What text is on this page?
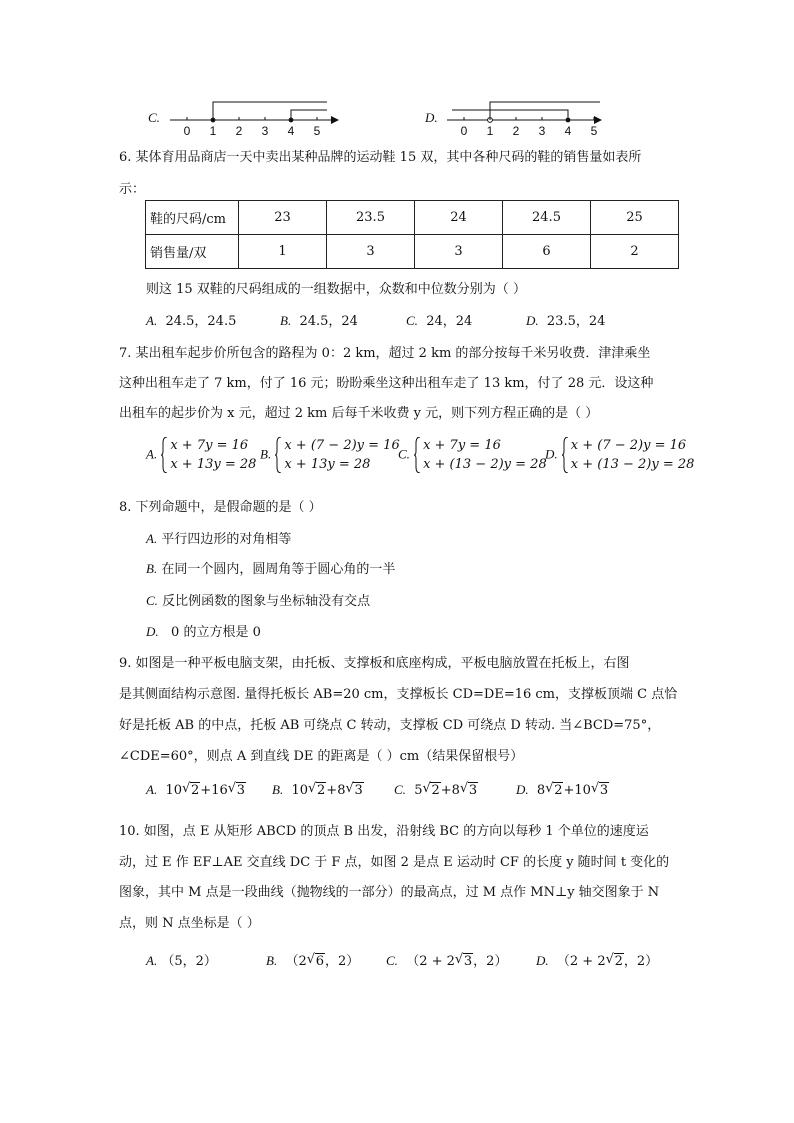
C.
0 1 2 3 4 5
D.
0 1 2 3 4 5
6. 某体育用品商店一天中卖出某种品牌的运动鞋 15 双，其中各种尺码的鞋的销售量如表所
示：
鞋的尺码/cm	23	23.5	24	24.5	25
销售量/双	1	3	3	6	2
则这 15 双鞋的尺码组成的一组数据中，众数和中位数分别为（ ）
A. 24.5，24.5	B. 24.5，24	C. 24，24	D. 23.5，24
7. 某出租车起步价所包含的路程为 0：2 km，超过 2 km 的部分按每千米另收费．津津乘坐
这种出租车走了 7 km，付了 16 元；盼盼乘坐这种出租车走了 13 km，付了 28 元．设这种
出租车的起步价为 x 元，超过 2 km 后每千米收费 y 元，则下列方程正确的是（ ）
A.
x + 7y = 16
x + 13y = 28
B.
x + (7 − 2)y = 16
x + 13y = 28
C.
x + 7y = 16
x + (13 − 2)y = 28
D.
x + (7 − 2)y = 16
x + (13 − 2)y = 28
8. 下列命题中，是假命题的是（ ）
A. 平行四边形的对角相等
B. 在同一个圆内，圆周角等于圆心角的一半
C. 反比例函数的图象与坐标轴没有交点
D. 0 的立方根是 0
9. 如图是一种平板电脑支架，由托板、支撑板和底座构成，平板电脑放置在托板上，右图
是其侧面结构示意图. 量得托板长 AB=20 cm，支撑板长 CD=DE=16 cm，支撑板顶端 C 点恰
好是托板 AB 的中点，托板 AB 可绕点 C 转动，支撑板 CD 可绕点 D 转动. 当∠BCD=75°，
∠CDE=60°，则点 A 到直线 DE 的距离是（ ）cm（结果保留根号）
A. 10 √ 2+16 √ 3 B. 10 √ 2+8 √ 3 C. 5 √ 2+8 √ 3	D. 8 √ 2+10 √ 3
10. 如图，点 E 从矩形 ABCD 的顶点 B 出发，沿射线 BC 的方向以每秒 1 个单位的速度运
动，过 E 作 EF⊥AE 交直线 DC 于 F 点，如图 2 是点 E 运动时 CF 的长度 y 随时间 t 变化的
图象，其中 M 点是一段曲线（抛物线的一部分）的最高点，过 M 点作 MN⊥y 轴交图象于 N
点，则 N 点坐标是（ ）
A. （5，2）	B. （2 √ 6，2） C. （2 + 2 √ 3，2） D. （2 + 2 √ 2，2）
